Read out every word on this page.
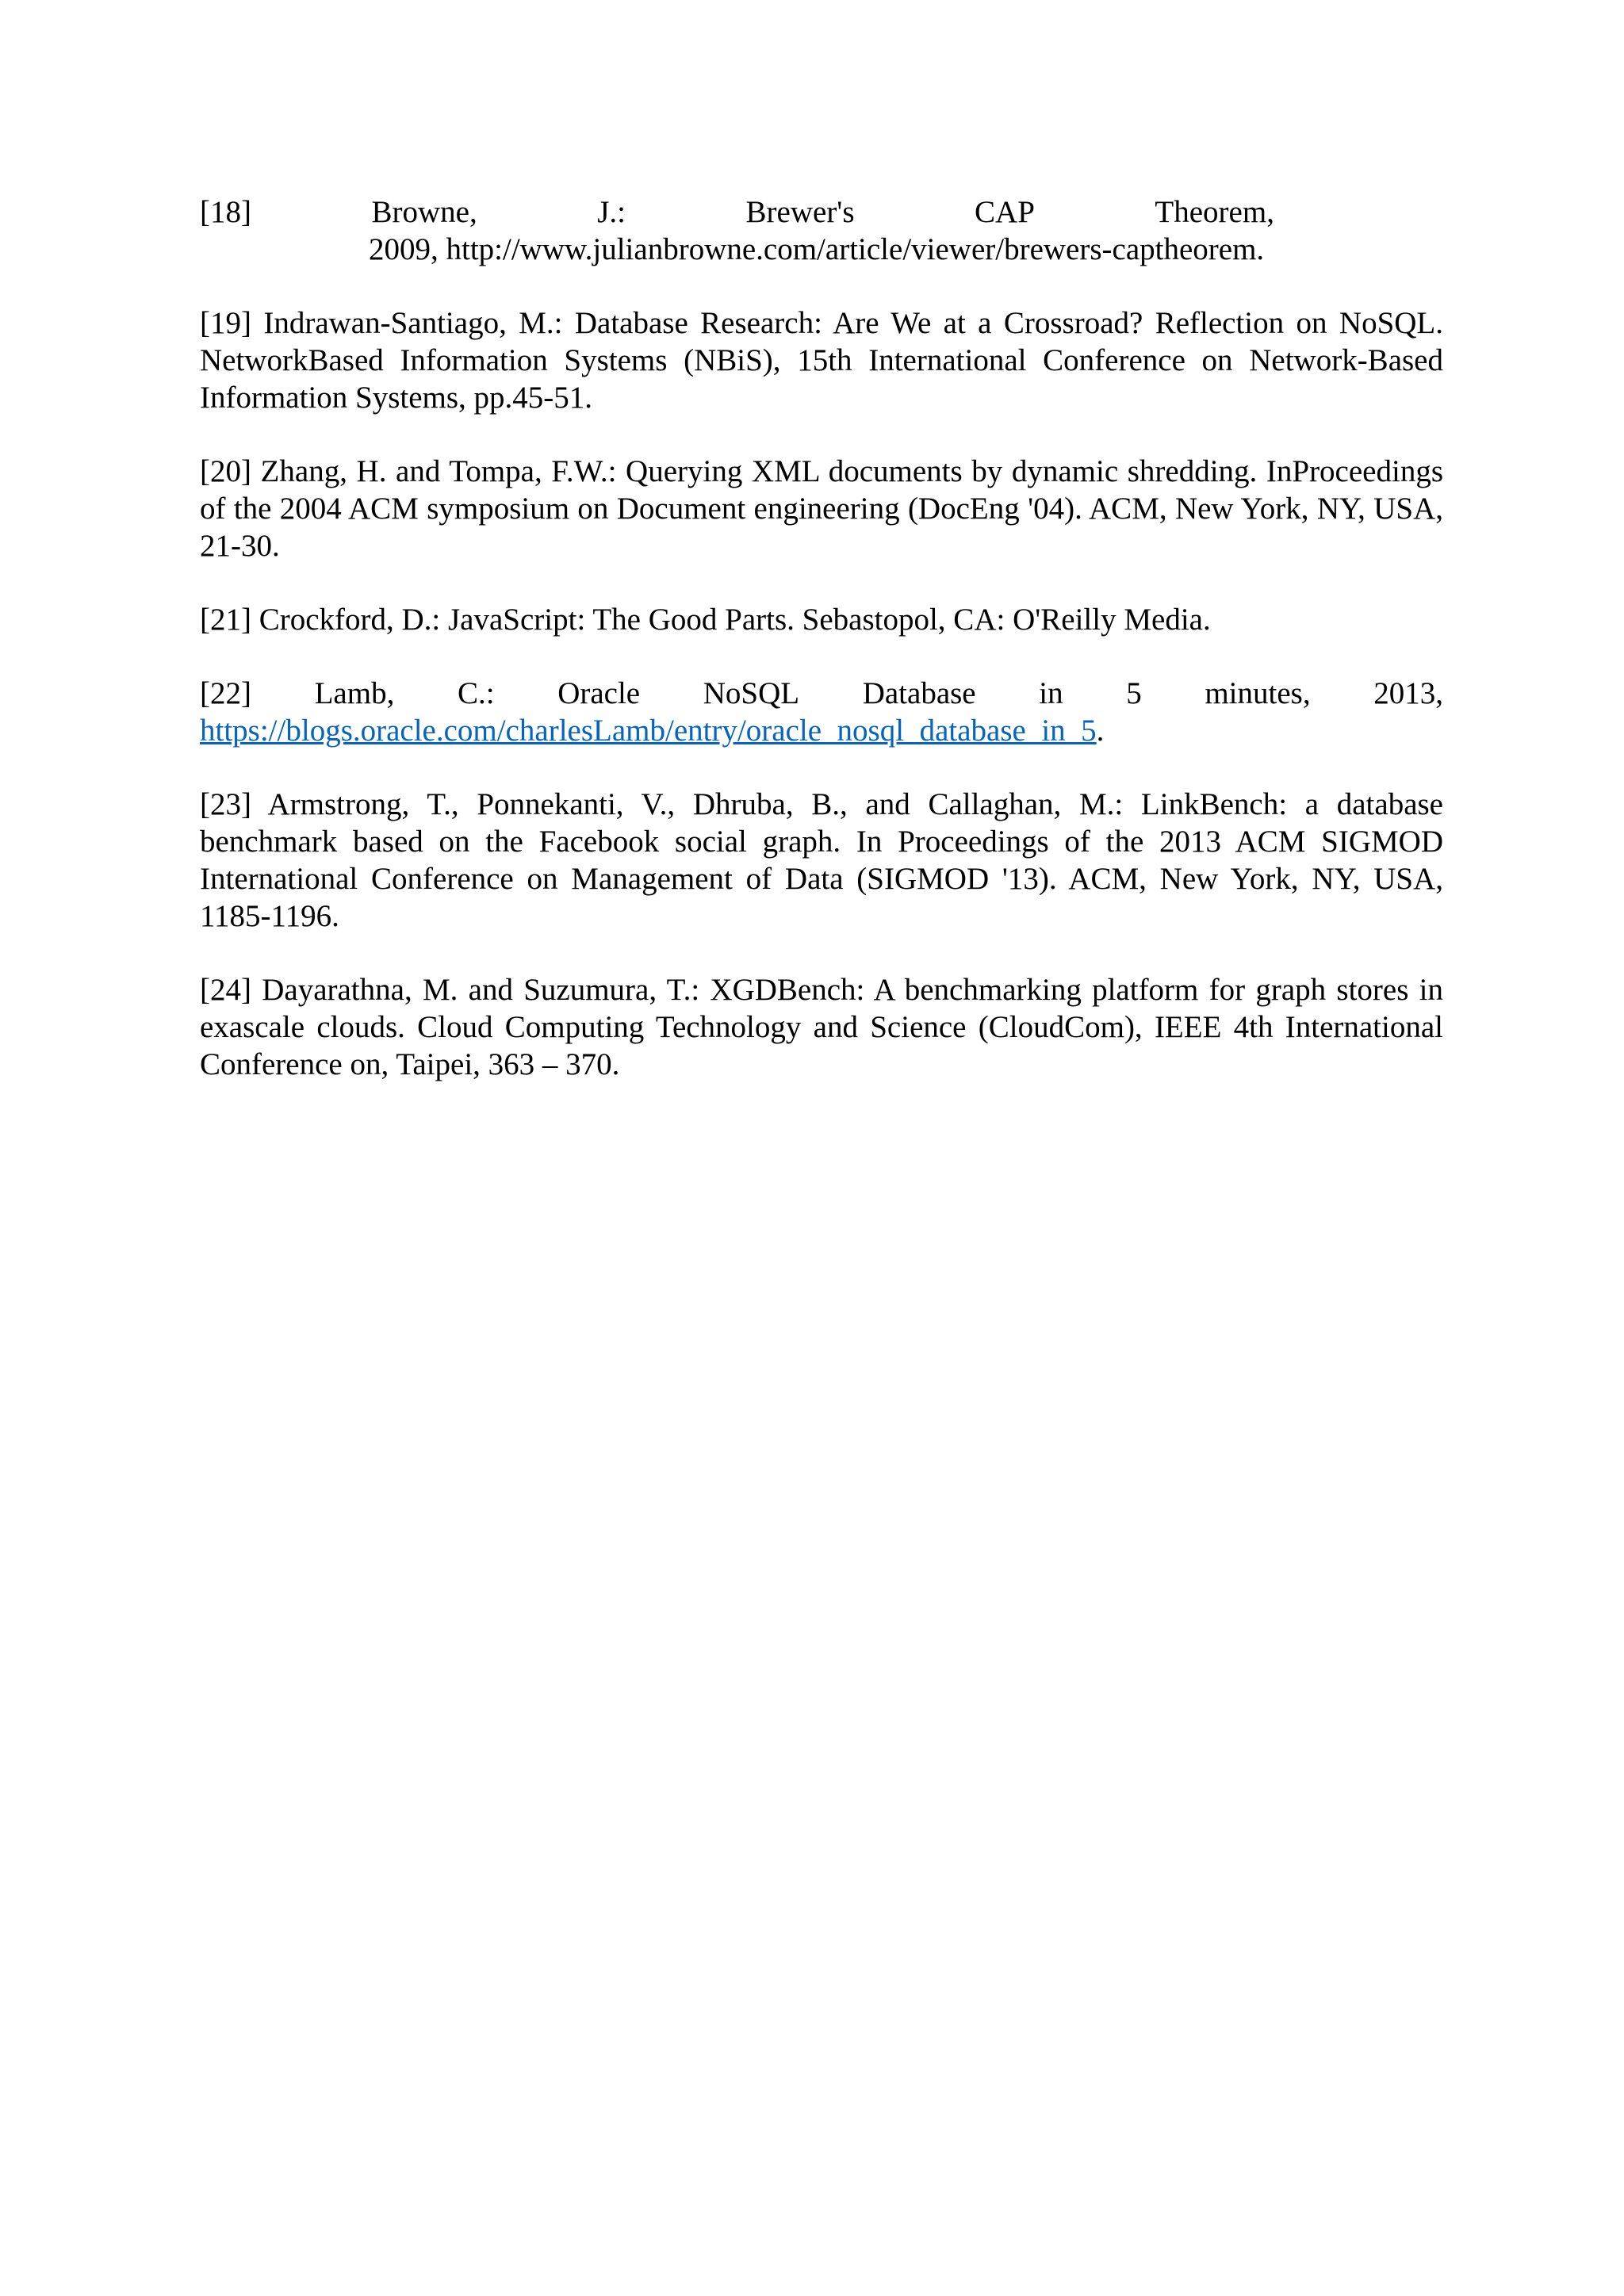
[18]	Browne,	J.:	Brewer's	CAP	Theorem,
2009, http://www.julianbrowne.com/article/viewer/brewers-captheorem.
[19] Indrawan-Santiago, M.: Database Research: Are We at a Crossroad? Reflection on NoSQL. NetworkBased Information Systems (NBiS), 15th International Conference on Network-Based Information Systems, pp.45-51.
[20] Zhang, H. and Tompa, F.W.: Querying XML documents by dynamic shredding. InProceedings of the 2004 ACM symposium on Document engineering (DocEng '04). ACM, New York, NY, USA, 21-30.
[21] Crockford, D.: JavaScript: The Good Parts. Sebastopol, CA: O'Reilly Media.
[22] Lamb, C.: Oracle NoSQL Database in 5 minutes, 2013,
https://blogs.oracle.com/charlesLamb/entry/oracle_nosql_database_in_5.
[23] Armstrong, T., Ponnekanti, V., Dhruba, B., and Callaghan, M.: LinkBench: a database benchmark based on the Facebook social graph. In Proceedings of the 2013 ACM SIGMOD International Conference on Management of Data (SIGMOD '13). ACM, New York, NY, USA, 1185-1196.
[24] Dayarathna, M. and Suzumura, T.: XGDBench: A benchmarking platform for graph stores in exascale clouds. Cloud Computing Technology and Science (CloudCom), IEEE 4th International Conference on, Taipei, 363 – 370.
